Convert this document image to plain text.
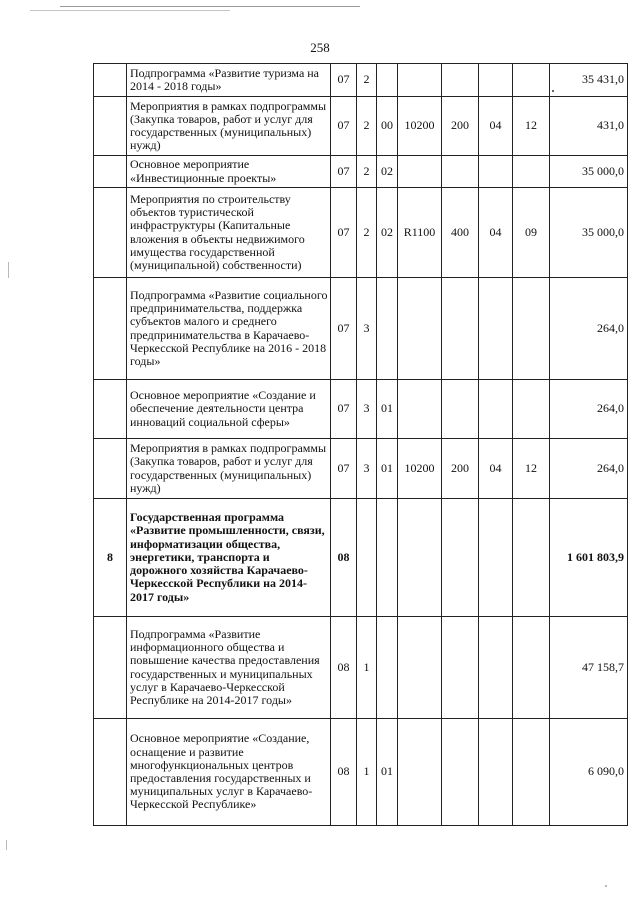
258
	Подпрограмма «Развитие туризма на 2014 - 2018 годы»	07	2						35 431,0
	Мероприятия в рамках подпрограммы (Закупка товаров, работ и услуг для государственных (муниципальных) нужд)	07	2	00	10200	200	04	12	431,0
	Основное мероприятие «Инвестиционные проекты»	07	2	02					35 000,0
	Мероприятия по строительству объектов туристической инфраструктуры (Капитальные вложения в объекты недвижимого имущества государственной (муниципальной) собственности)	07	2	02	R1100	400	04	09	35 000,0
	Подпрограмма «Развитие социального предпринимательства, поддержка субъектов малого и среднего предпринимательства в Карачаево-Черкесской Республике на 2016 - 2018 годы»	07	3						264,0
	Основное мероприятие «Создание и обеспечение деятельности центра инноваций социальной сферы»	07	3	01					264,0
	Мероприятия в рамках подпрограммы (Закупка товаров, работ и услуг для государственных (муниципальных) нужд)	07	3	01	10200	200	04	12	264,0
8	Государственная программа «Развитие промышленности, связи, информатизации общества, энергетики, транспорта и дорожного хозяйства Карачаево-Черкесской Республики на 2014-2017 годы»	08							1 601 803,9
	Подпрограмма «Развитие информационного общества и повышение качества предоставления государственных и муниципальных услуг в Карачаево-Черкесской Республике на 2014-2017 годы»	08	1						47 158,7
	Основное мероприятие «Создание, оснащение и развитие многофункциональных центров предоставления государственных и муниципальных услуг в Карачаево-Черкесской Республике»	08	1	01					6 090,0
